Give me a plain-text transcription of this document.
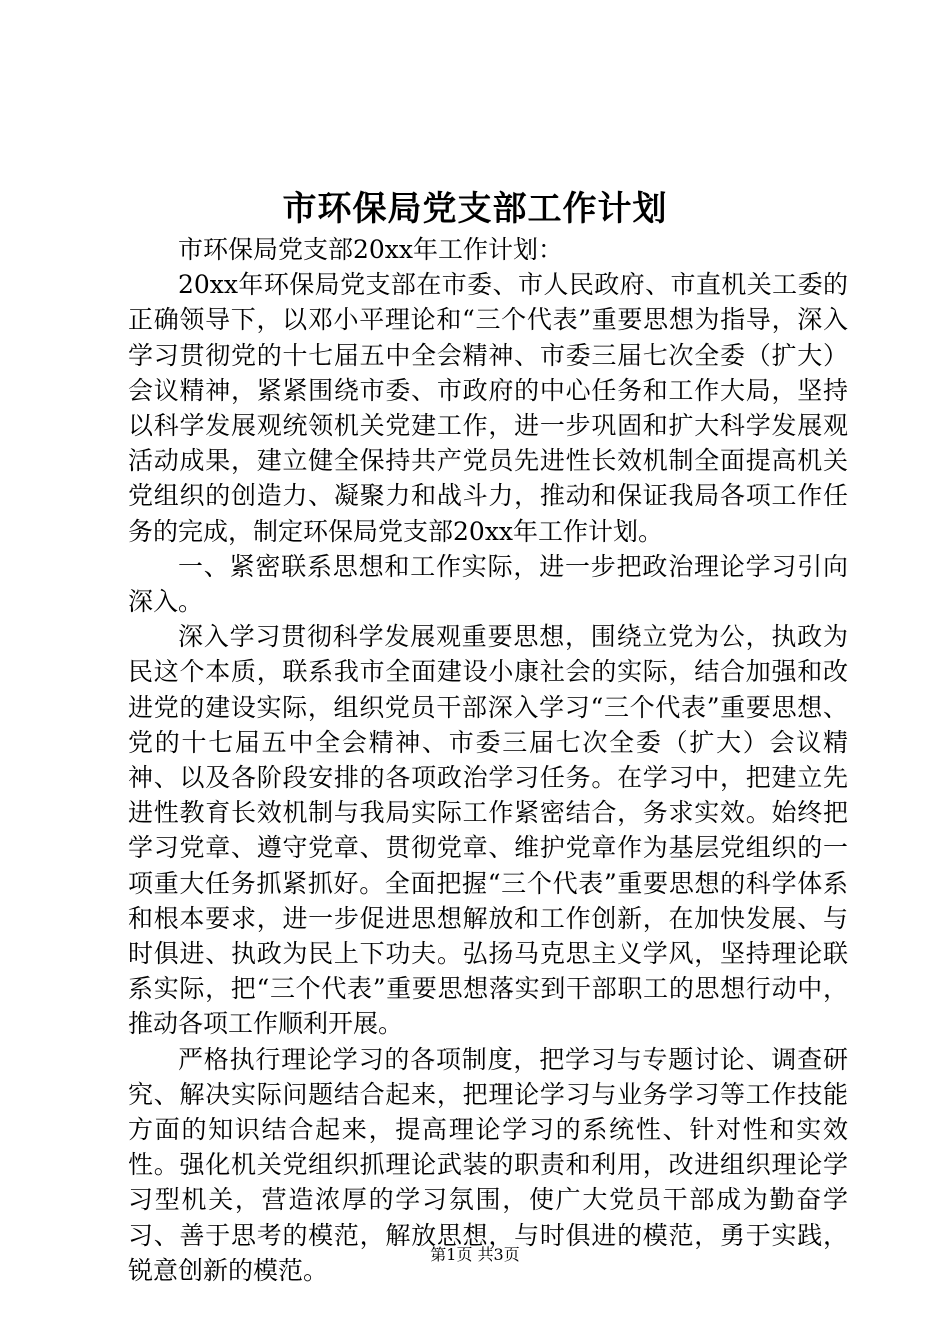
市环保局党支部工作计划

市环保局党支部20xx年工作计划：

20xx年环保局党支部在市委、市人民政府、市直机关工委的正确领导下，以邓小平理论和“三个代表”重要思想为指导，深入学习贯彻党的十七届五中全会精神、市委三届七次全委（扩大）会议精神，紧紧围绕市委、市政府的中心任务和工作大局，坚持以科学发展观统领机关党建工作，进一步巩固和扩大科学发展观活动成果，建立健全保持共产党员先进性长效机制全面提高机关党组织的创造力、凝聚力和战斗力，推动和保证我局各项工作任务的完成，制定环保局党支部20xx年工作计划。

一、紧密联系思想和工作实际，进一步把政治理论学习引向深入。

深入学习贯彻科学发展观重要思想，围绕立党为公，执政为民这个本质，联系我市全面建设小康社会的实际，结合加强和改进党的建设实际，组织党员干部深入学习“三个代表”重要思想、党的十七届五中全会精神、市委三届七次全委（扩大）会议精神、以及各阶段安排的各项政治学习任务。在学习中，把建立先进性教育长效机制与我局实际工作紧密结合，务求实效。始终把学习党章、遵守党章、贯彻党章、维护党章作为基层党组织的一项重大任务抓紧抓好。全面把握“三个代表”重要思想的科学体系和根本要求，进一步促进思想解放和工作创新，在加快发展、与时俱进、执政为民上下功夫。弘扬马克思主义学风，坚持理论联系实际，把“三个代表”重要思想落实到干部职工的思想行动中，推动各项工作顺利开展。

严格执行理论学习的各项制度，把学习与专题讨论、调查研究、解决实际问题结合起来，把理论学习与业务学习等工作技能方面的知识结合起来，提高理论学习的系统性、针对性和实效性。强化机关党组织抓理论武装的职责和利用，改进组织理论学习型机关，营造浓厚的学习氛围，使广大党员干部成为勤奋学习、善于思考的模范，解放思想，与时俱进的模范，勇于实践，锐意创新的模范。

第1页 共3页
